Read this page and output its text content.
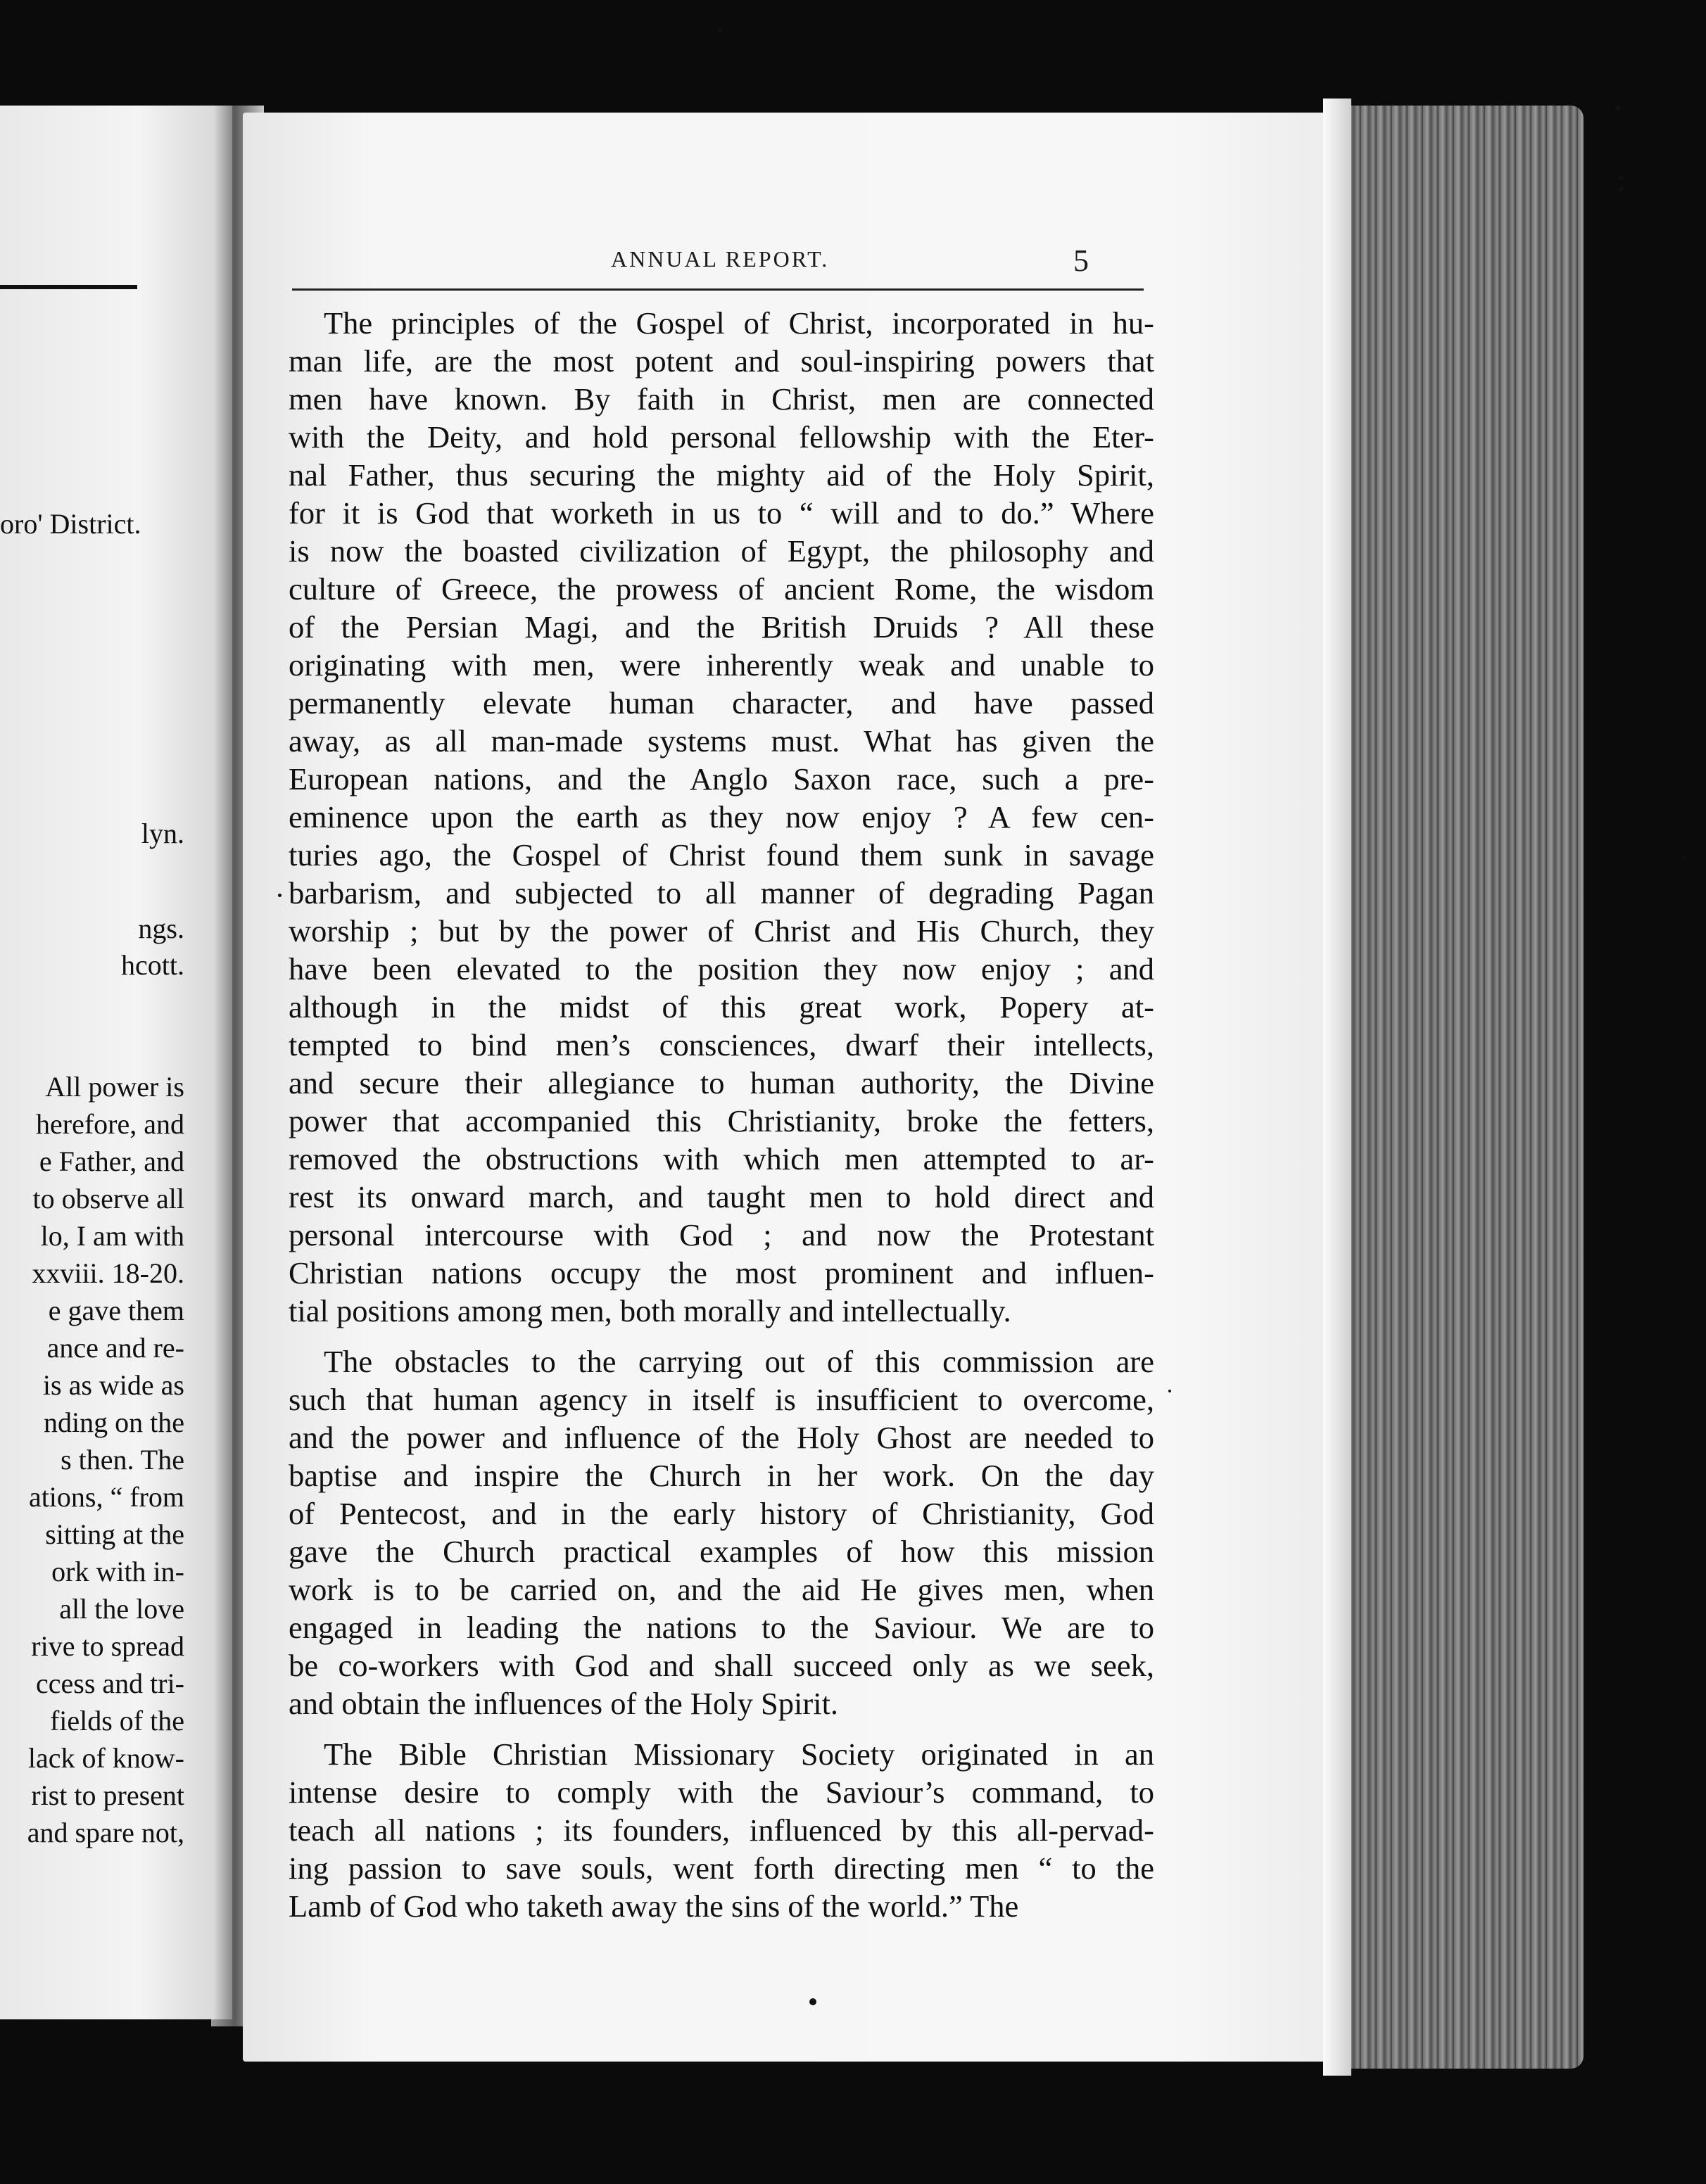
oro' District.
lyn.
ngs.
hcott.
All power is
herefore, and
e Father, and
to observe all
lo, I am with
xxviii. 18-20.
e gave them
ance and re-
is as wide as
nding on the
s then. The
ations, “ from
sitting at the
ork with in-
all the love
rive to spread
ccess and tri-
fields of the
lack of know-
rist to present
and spare not,
ANNUAL REPORT.	5
The principles of the Gospel of Christ, incorporated in hu-
man life, are the most potent and soul-inspiring powers that
men have known. By faith in Christ, men are connected
with the Deity, and hold personal fellowship with the Eter-
nal Father, thus securing the mighty aid of the Holy Spirit,
for it is God that worketh in us to “ will and to do.” Where
is now the boasted civilization of Egypt, the philosophy and
culture of Greece, the prowess of ancient Rome, the wisdom
of the Persian Magi, and the British Druids ? All these
originating with men, were inherently weak and unable to
permanently elevate human character, and have passed
away, as all man-made systems must. What has given the
European nations, and the Anglo Saxon race, such a pre-
eminence upon the earth as they now enjoy ? A few cen-
turies ago, the Gospel of Christ found them sunk in savage
barbarism, and subjected to all manner of degrading Pagan
worship ; but by the power of Christ and His Church, they
have been elevated to the position they now enjoy ; and
although in the midst of this great work, Popery at-
tempted to bind men’s consciences, dwarf their intellects,
and secure their allegiance to human authority, the Divine
power that accompanied this Christianity, broke the fetters,
removed the obstructions with which men attempted to ar-
rest its onward march, and taught men to hold direct and
personal intercourse with God ; and now the Protestant
Christian nations occupy the most prominent and influen-
tial positions among men, both morally and intellectually.
The obstacles to the carrying out of this commission are
such that human agency in itself is insufficient to overcome,
and the power and influence of the Holy Ghost are needed to
baptise and inspire the Church in her work. On the day
of Pentecost, and in the early history of Christianity, God
gave the Church practical examples of how this mission
work is to be carried on, and the aid He gives men, when
engaged in leading the nations to the Saviour. We are to
be co-workers with God and shall succeed only as we seek,
and obtain the influences of the Holy Spirit.
The Bible Christian Missionary Society originated in an
intense desire to comply with the Saviour’s command, to
teach all nations ; its founders, influenced by this all-pervad-
ing passion to save souls, went forth directing men “ to the
Lamb of God who taketh away the sins of the world.” The
